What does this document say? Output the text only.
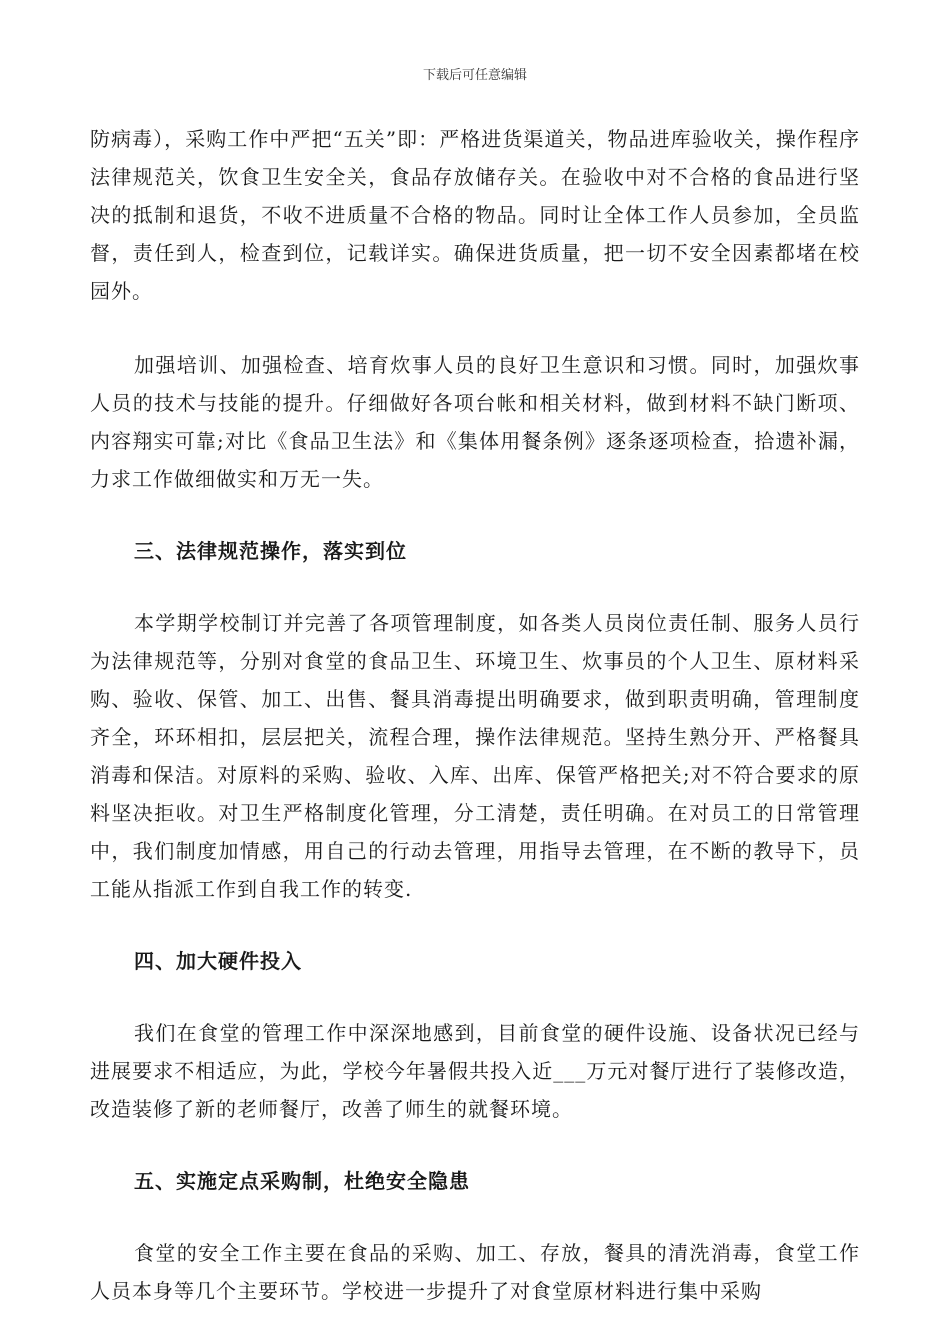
下载后可任意编辑

防病毒），采购工作中严把“五关”即：严格进货渠道关，物品进库验收关，操作程序法律规范关，饮食卫生安全关，食品存放储存关。在验收中对不合格的食品进行坚决的抵制和退货，不收不进质量不合格的物品。同时让全体工作人员参加，全员监督，责任到人，检查到位，记载详实。确保进货质量，把一切不安全因素都堵在校园外。

加强培训、加强检查、培育炊事人员的良好卫生意识和习惯。同时，加强炊事人员的技术与技能的提升。仔细做好各项台帐和相关材料，做到材料不缺门断项、内容翔实可靠;对比《食品卫生法》和《集体用餐条例》逐条逐项检查，拾遗补漏，力求工作做细做实和万无一失。

三、法律规范操作，落实到位

本学期学校制订并完善了各项管理制度，如各类人员岗位责任制、服务人员行为法律规范等，分别对食堂的食品卫生、环境卫生、炊事员的个人卫生、原材料采购、验收、保管、加工、出售、餐具消毒提出明确要求，做到职责明确，管理制度齐全，环环相扣，层层把关，流程合理，操作法律规范。坚持生熟分开、严格餐具消毒和保洁。对原料的采购、验收、入库、出库、保管严格把关;对不符合要求的原料坚决拒收。对卫生严格制度化管理，分工清楚，责任明确。在对员工的日常管理中，我们制度加情感，用自己的行动去管理，用指导去管理，在不断的教导下，员工能从指派工作到自我工作的转变.

四、加大硬件投入

我们在食堂的管理工作中深深地感到，目前食堂的硬件设施、设备状况已经与进展要求不相适应，为此，学校今年暑假共投入近___万元对餐厅进行了装修改造，改造装修了新的老师餐厅，改善了师生的就餐环境。

五、实施定点采购制，杜绝安全隐患

食堂的安全工作主要在食品的采购、加工、存放，餐具的清洗消毒，食堂工作人员本身等几个主要环节。学校进一步提升了对食堂原材料进行集中采购
